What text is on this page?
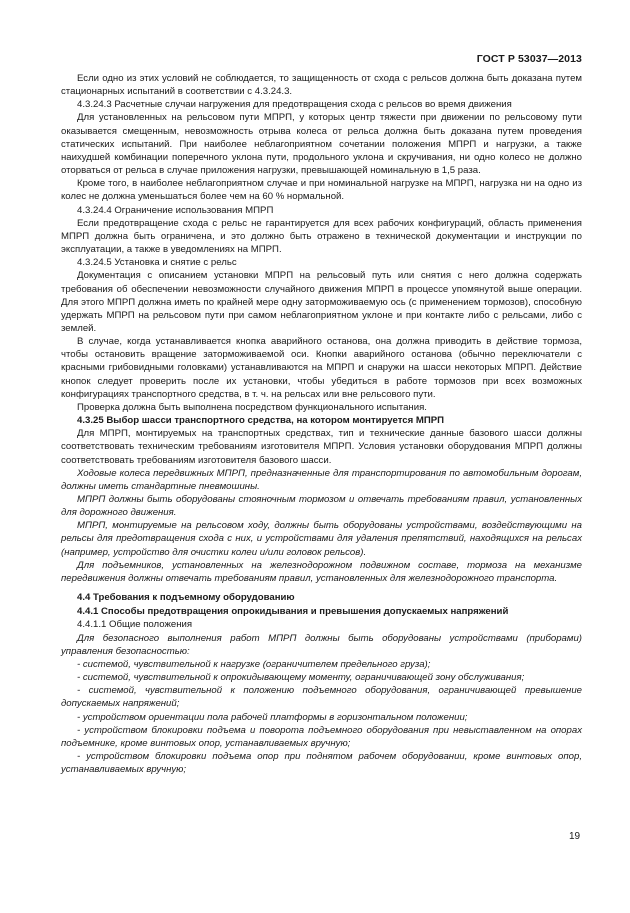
ГОСТ Р 53037—2013

Если одно из этих условий не соблюдается, то защищенность от схода с рельсов должна быть доказана путем стационарных испытаний в соответствии с 4.3.24.3.

4.3.24.3 Расчетные случаи нагружения для предотвращения схода с рельсов во время движения

Для установленных на рельсовом пути МПРП, у которых центр тяжести при движении по рельсовому пути оказывается смещенным, невозможность отрыва колеса от рельса должна быть доказана путем проведения статических испытаний. При наиболее неблагоприятном сочетании положения МПРП и нагрузки, а также наихудшей комбинации поперечного уклона пути, продольного уклона и скручивания, ни одно колесо не должно оторваться от рельса в случае приложения нагрузки, превышающей номинальную в 1,5 раза.

Кроме того, в наиболее неблагоприятном случае и при номинальной нагрузке на МПРП, нагрузка ни на одно из колес не должна уменьшаться более чем на 60 % нормальной.

4.3.24.4 Ограничение использования МПРП

Если предотвращение схода с рельс не гарантируется для всех рабочих конфигураций, область применения МПРП должна быть ограничена, и это должно быть отражено в технической документации и инструкции по эксплуатации, а также в уведомлениях на МПРП.

4.3.24.5 Установка и снятие с рельс

Документация с описанием установки МПРП на рельсовый путь или снятия с него должна содержать требования об обеспечении невозможности случайного движения МПРП в процессе упомянутой выше операции. Для этого МПРП должна иметь по крайней мере одну заторможиваемую ось (с применением тормозов), способную удержать МПРП на рельсовом пути при самом неблагоприятном уклоне и при контакте либо с рельсами, либо с землей.

В случае, когда устанавливается кнопка аварийного останова, она должна приводить в действие тормоза, чтобы остановить вращение заторможиваемой оси. Кнопки аварийного останова (обычно переключатели с красными грибовидными головками) устанавливаются на МПРП и снаружи на шасси некоторых МПРП. Действие кнопок следует проверить после их установки, чтобы убедиться в работе тормозов при всех возможных конфигурациях транспортного средства, в т. ч. на рельсах или вне рельсового пути.

Проверка должна быть выполнена посредством функционального испытания.

4.3.25 Выбор шасси транспортного средства, на котором монтируется МПРП

Для МПРП, монтируемых на транспортных средствах, тип и технические данные базового шасси должны соответствовать техническим требованиям изготовителя МПРП. Условия установки оборудования МПРП должны соответствовать требованиям изготовителя базового шасси.

Ходовые колеса передвижных МПРП, предназначенные для транспортирования по автомобильным дорогам, должны иметь стандартные пневмошины.

МПРП должны быть оборудованы стояночным тормозом и отвечать требованиям правил, установленных для дорожного движения.

МПРП, монтируемые на рельсовом ходу, должны быть оборудованы устройствами, воздействующими на рельсы для предотвращения схода с них, и устройствами для удаления препятствий, находящихся на рельсах (например, устройство для очистки колеи и/или головок рельсов).

Для подъемников, установленных на железнодорожном подвижном составе, тормоза на механизме передвижения должны отвечать требованиям правил, установленных для железнодорожного транспорта.

4.4 Требования к подъемному оборудованию

4.4.1 Способы предотвращения опрокидывания и превышения допускаемых напряжений

4.4.1.1 Общие положения

Для безопасного выполнения работ МПРП должны быть оборудованы устройствами (приборами) управления безопасностью:

- системой, чувствительной к нагрузке (ограничителем предельного груза);

- системой, чувствительной к опрокидывающему моменту, ограничивающей зону обслуживания;

- системой, чувствительной к положению подъемного оборудования, ограничивающей превышение допускаемых напряжений;

- устройством ориентации пола рабочей платформы в горизонтальном положении;

- устройством блокировки подъема и поворота подъемного оборудования при невыставленном на опорах подъемнике, кроме винтовых опор, устанавливаемых вручную;

- устройством блокировки подъема опор при поднятом рабочем оборудовании, кроме винтовых опор, устанавливаемых вручную;

19
